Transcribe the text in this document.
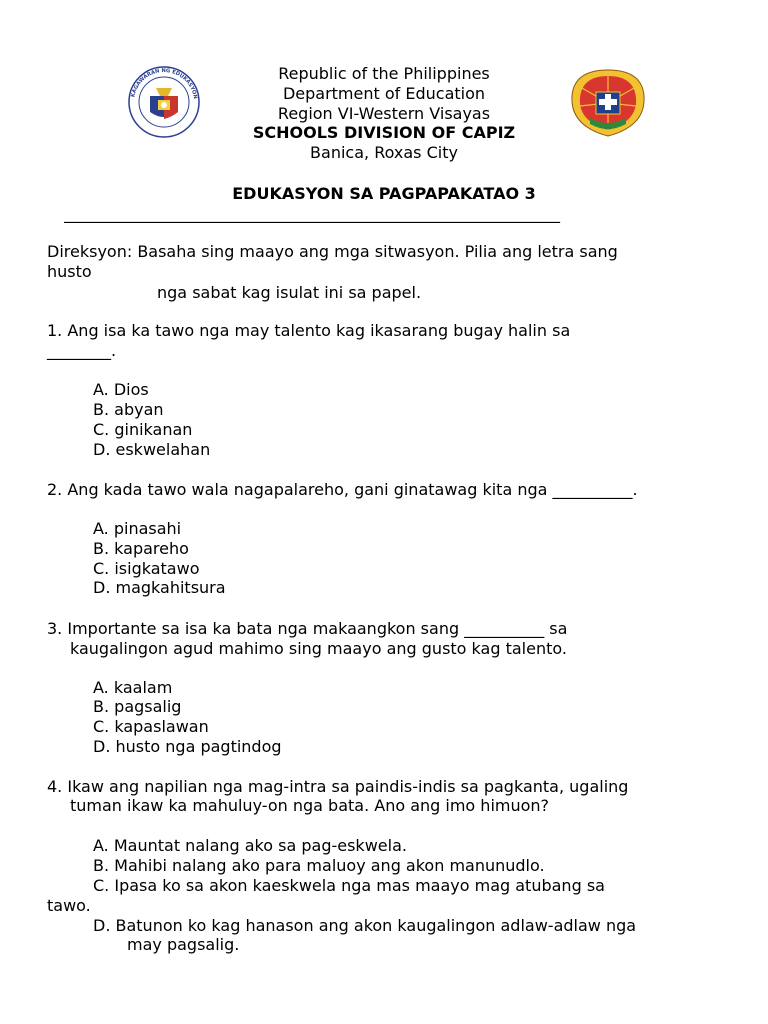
KAGAWARAN NG EDUKASYON
Republic of the Philippines
Department of Education
Region VI-Western Visayas
SCHOOLS DIVISION OF CAPIZ
Banica, Roxas City
EDUKASYON SA PAGPAPAKATAO 3
______________________________________________________________
Direksyon: Basaha sing maayo ang mga sitwasyon. Pilia ang letra sang
husto
nga sabat kag isulat ini sa papel.
1. Ang isa ka tawo nga may talento kag ikasarang bugay halin sa
________.
A. Dios
B. abyan
C. ginikanan
D. eskwelahan
2. Ang kada tawo wala nagapalareho, gani ginatawag kita nga __________.
A. pinasahi
B. kapareho
C. isigkatawo
D. magkahitsura
3. Importante sa isa ka bata nga makaangkon sang __________ sa
kaugalingon agud mahimo sing maayo ang gusto kag talento.
A. kaalam
B. pagsalig
C. kapaslawan
D. husto nga pagtindog
4. Ikaw ang napilian nga mag-intra sa paindis-indis sa pagkanta, ugaling
tuman ikaw ka mahuluy-on nga bata. Ano ang imo himuon?
A. Mauntat nalang ako sa pag-eskwela.
B. Mahibi nalang ako para maluoy ang akon manunudlo.
C. Ipasa ko sa akon kaeskwela nga mas maayo mag atubang sa
tawo.
D. Batunon ko kag hanason ang akon kaugalingon adlaw-adlaw nga
may pagsalig.
